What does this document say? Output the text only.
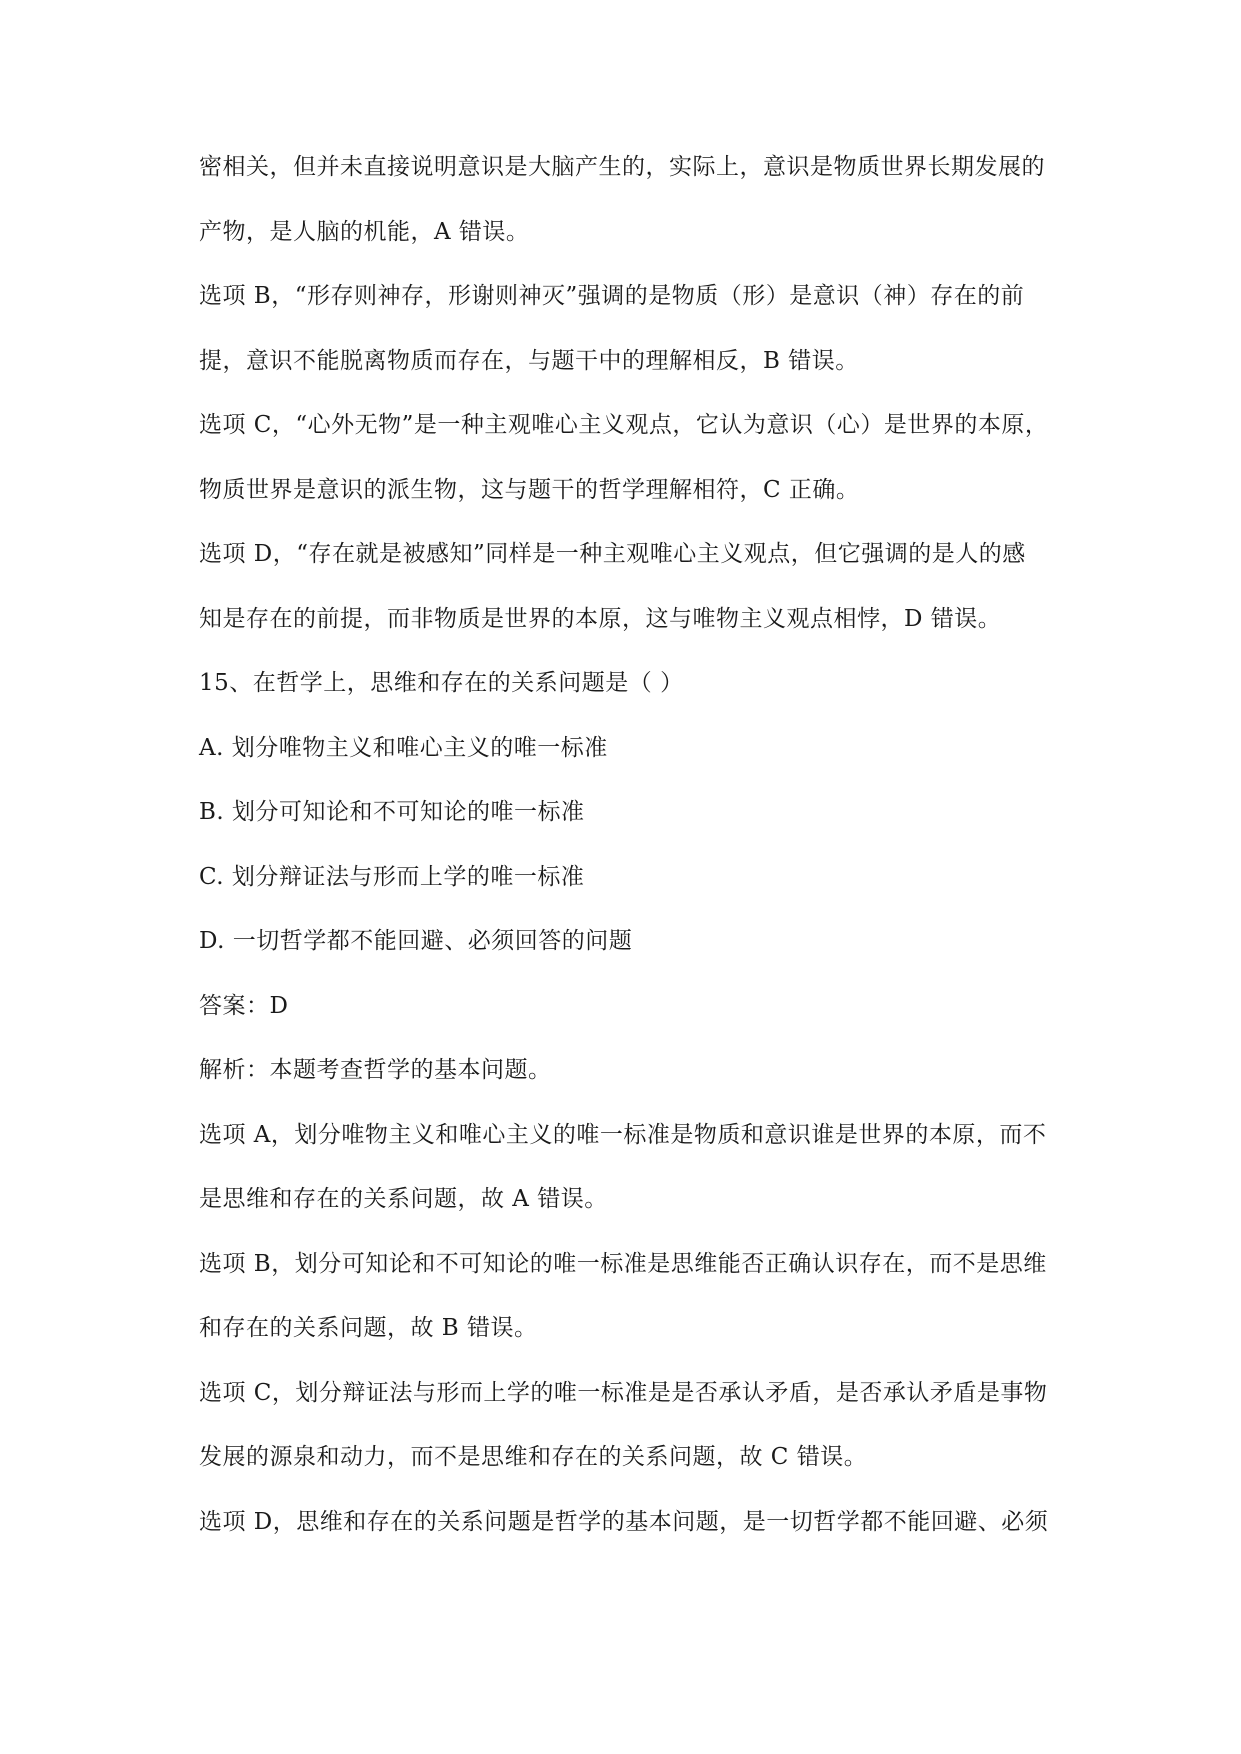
密相关，但并未直接说明意识是大脑产生的，实际上，意识是物质世界长期发展的
产物，是人脑的机能，A 错误。
选项 B，“形存则神存，形谢则神灭”强调的是物质（形）是意识（神）存在的前
提，意识不能脱离物质而存在，与题干中的理解相反，B 错误。
选项 C，“心外无物”是一种主观唯心主义观点，它认为意识（心）是世界的本原，
物质世界是意识的派生物，这与题干的哲学理解相符，C 正确。
选项 D，“存在就是被感知”同样是一种主观唯心主义观点，但它强调的是人的感
知是存在的前提，而非物质是世界的本原，这与唯物主义观点相悖，D 错误。
15、在哲学上，思维和存在的关系问题是（ ）
A. 划分唯物主义和唯心主义的唯一标准
B. 划分可知论和不可知论的唯一标准
C. 划分辩证法与形而上学的唯一标准
D. 一切哲学都不能回避、必须回答的问题
答案：D
解析：本题考查哲学的基本问题。
选项 A，划分唯物主义和唯心主义的唯一标准是物质和意识谁是世界的本原，而不
是思维和存在的关系问题，故 A 错误。
选项 B，划分可知论和不可知论的唯一标准是思维能否正确认识存在，而不是思维
和存在的关系问题，故 B 错误。
选项 C，划分辩证法与形而上学的唯一标准是是否承认矛盾，是否承认矛盾是事物
发展的源泉和动力，而不是思维和存在的关系问题，故 C 错误。
选项 D，思维和存在的关系问题是哲学的基本问题，是一切哲学都不能回避、必须
